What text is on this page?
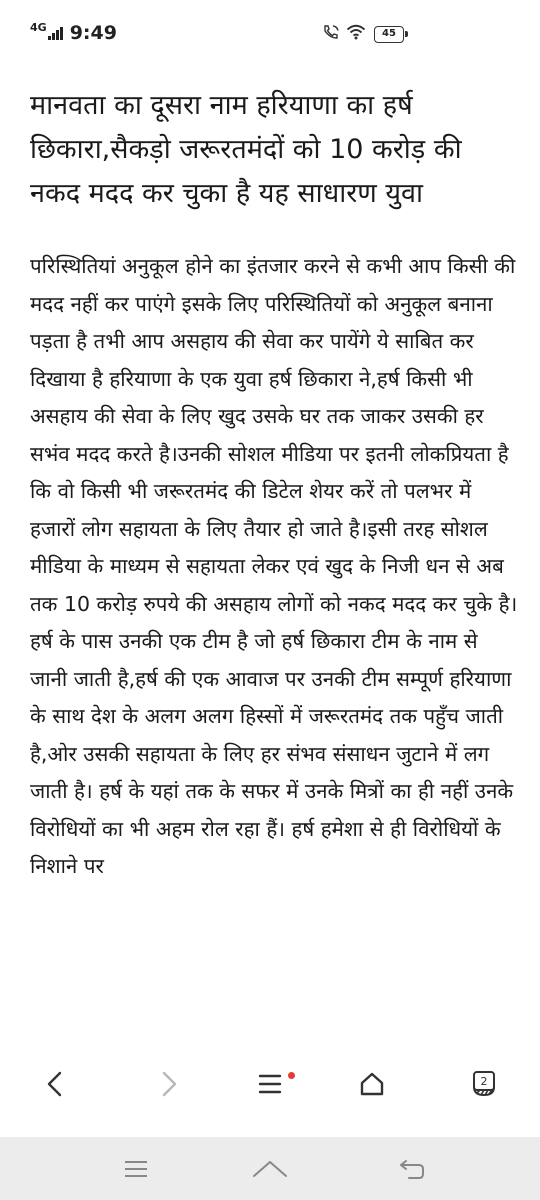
4G 9:49	45
मानवता का दूसरा नाम हरियाणा का हर्ष छिकारा,सैकड़ो जरूरतमंदों को 10 करोड़ की नकद मदद कर चुका है यह साधारण युवा

परिस्थितियां अनुकूल होने का इंतजार करने से कभी आप किसी की मदद नहीं कर पाएंगे इसके लिए परिस्थितियों को अनुकूल बनाना पड़ता है तभी आप असहाय की सेवा कर पायेंगे ये साबित कर दिखाया है हरियाणा के एक युवा हर्ष छिकारा ने,हर्ष किसी भी असहाय की सेवा के लिए खुद उसके घर तक जाकर उसकी हर सभंव मदद करते है।उनकी सोशल मीडिया पर इतनी लोकप्रियता है कि वो किसी भी जरूरतमंद की डिटेल शेयर करें तो पलभर में हजारों लोग सहायता के लिए तैयार हो जाते है।इसी तरह सोशल मीडिया के माध्यम से सहायता लेकर एवं खुद के निजी धन से अब तक 10 करोड़ रुपये की असहाय लोगों को नकद मदद कर चुके है। हर्ष के पास उनकी एक टीम है जो हर्ष छिकारा टीम के नाम से जानी जाती है,हर्ष की एक आवाज पर उनकी टीम सम्पूर्ण हरियाणा के साथ देश के अलग अलग हिस्सों में जरूरतमंद तक पहुँच जाती है,ओर उसकी सहायता के लिए हर संभव संसाधन जुटाने में लग जाती है। हर्ष के यहां तक के सफर में उनके मित्रों का ही नहीं उनके विरोधियों का भी अहम रोल रहा हैं। हर्ष हमेशा से ही विरोधियों के निशाने पर

2
